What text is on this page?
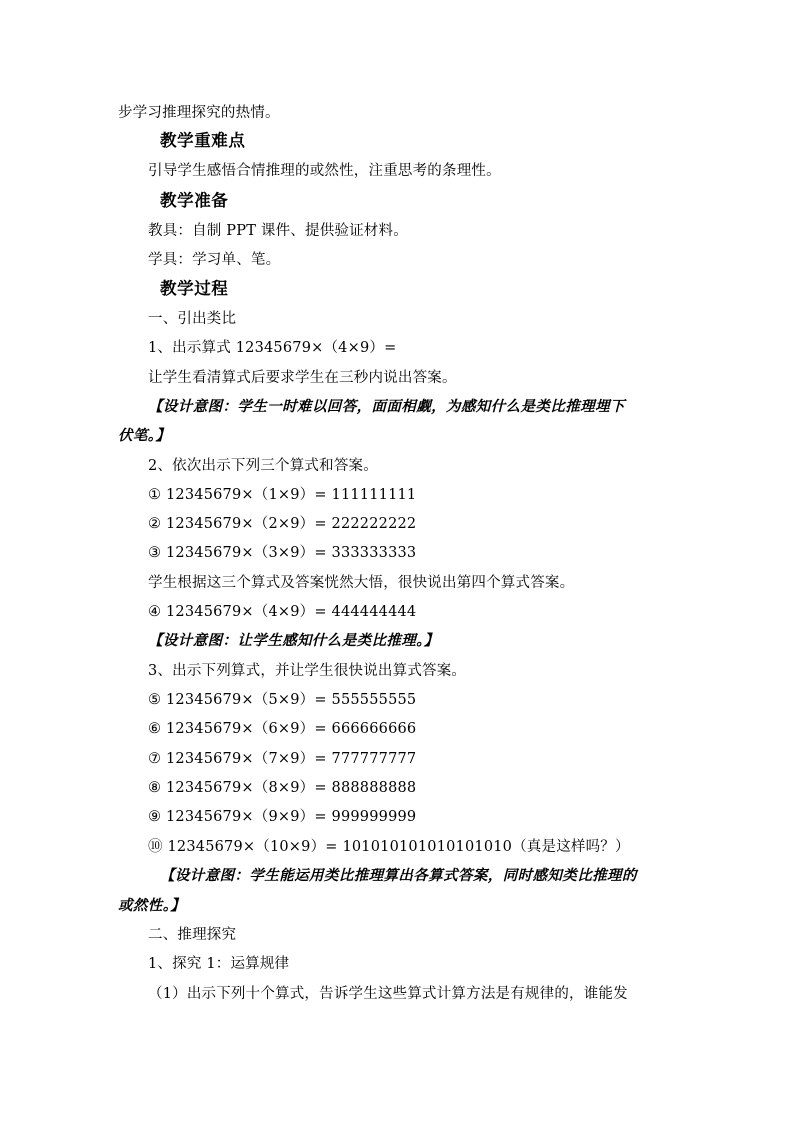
步学习推理探究的热情。
教学重难点
引导学生感悟合情推理的或然性，注重思考的条理性。
教学准备
教具：自制 PPT 课件、提供验证材料。
学具：学习单、笔。
教学过程
一、引出类比
1、出示算式 12345679×（4×9）=
让学生看清算式后要求学生在三秒内说出答案。
【设计意图：学生一时难以回答，面面相觑，为感知什么是类比推理埋下
伏笔。】
2、依次出示下列三个算式和答案。
① 12345679×（1×9）= 111111111
② 12345679×（2×9）= 222222222
③ 12345679×（3×9）= 333333333
学生根据这三个算式及答案恍然大悟，很快说出第四个算式答案。
④ 12345679×（4×9）= 444444444
【设计意图：让学生感知什么是类比推理。】
3、出示下列算式，并让学生很快说出算式答案。
⑤ 12345679×（5×9）= 555555555
⑥ 12345679×（6×9）= 666666666
⑦ 12345679×（7×9）= 777777777
⑧ 12345679×（8×9）= 888888888
⑨ 12345679×（9×9）= 999999999
⑩ 12345679×（10×9）= 101010101010101010（真是这样吗？）
【设计意图：学生能运用类比推理算出各算式答案，同时感知类比推理的
或然性。】
二、推理探究
1、探究 1：运算规律
（1）出示下列十个算式，告诉学生这些算式计算方法是有规律的，谁能发
